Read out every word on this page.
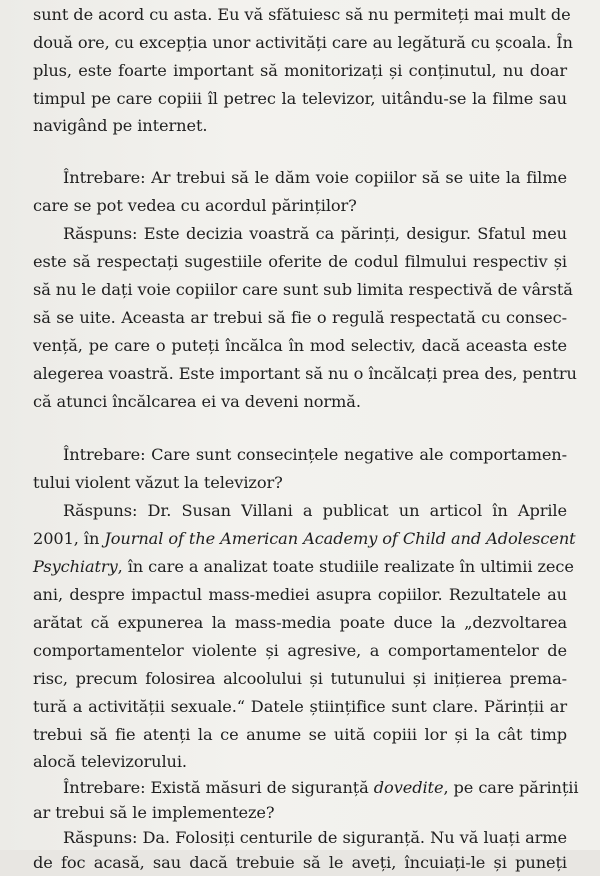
sunt de acord cu asta. Eu vă sfătuiesc să nu permiteți mai mult de
două ore, cu excepția unor activități care au legătură cu școala. În
plus, este foarte important să monitorizați și conținutul, nu doar
timpul pe care copiii îl petrec la televizor, uitându-se la filme sau
navigând pe internet.
Întrebare: Ar trebui să le dăm voie copiilor să se uite la filme
care se pot vedea cu acordul părinților?
Răspuns: Este decizia voastră ca părinți, desigur. Sfatul meu
este să respectați sugestiile oferite de codul filmului respectiv și
să nu le dați voie copiilor care sunt sub limita respectivă de vârstă
să se uite. Aceasta ar trebui să fie o regulă respectată cu consec-
vență, pe care o puteți încălca în mod selectiv, dacă aceasta este
alegerea voastră. Este important să nu o încălcați prea des, pentru
că atunci încălcarea ei va deveni normă.
Întrebare: Care sunt consecințele negative ale comportamen-
tului violent văzut la televizor?
Răspuns: Dr. Susan Villani a publicat un articol în Aprile
2001, în Journal of the American Academy of Child and Adolescent
Psychiatry, în care a analizat toate studiile realizate în ultimii zece
ani, despre impactul mass-mediei asupra copiilor. Rezultatele au
arătat că expunerea la mass-media poate duce la „dezvoltarea
comportamentelor violente și agresive, a comportamentelor de
risc, precum folosirea alcoolului și tutunului și inițierea prema-
tură a activității sexuale.“ Datele științifice sunt clare. Părinții ar
trebui să fie atenți la ce anume se uită copiii lor și la cât timp
alocă televizorului.
Întrebare: Există măsuri de siguranță dovedite, pe care părinții
ar trebui să le implementeze?
Răspuns: Da. Folosiți centurile de siguranță. Nu vă luați arme
de foc acasă, sau dacă trebuie să le aveți, încuiați-le și puneți
